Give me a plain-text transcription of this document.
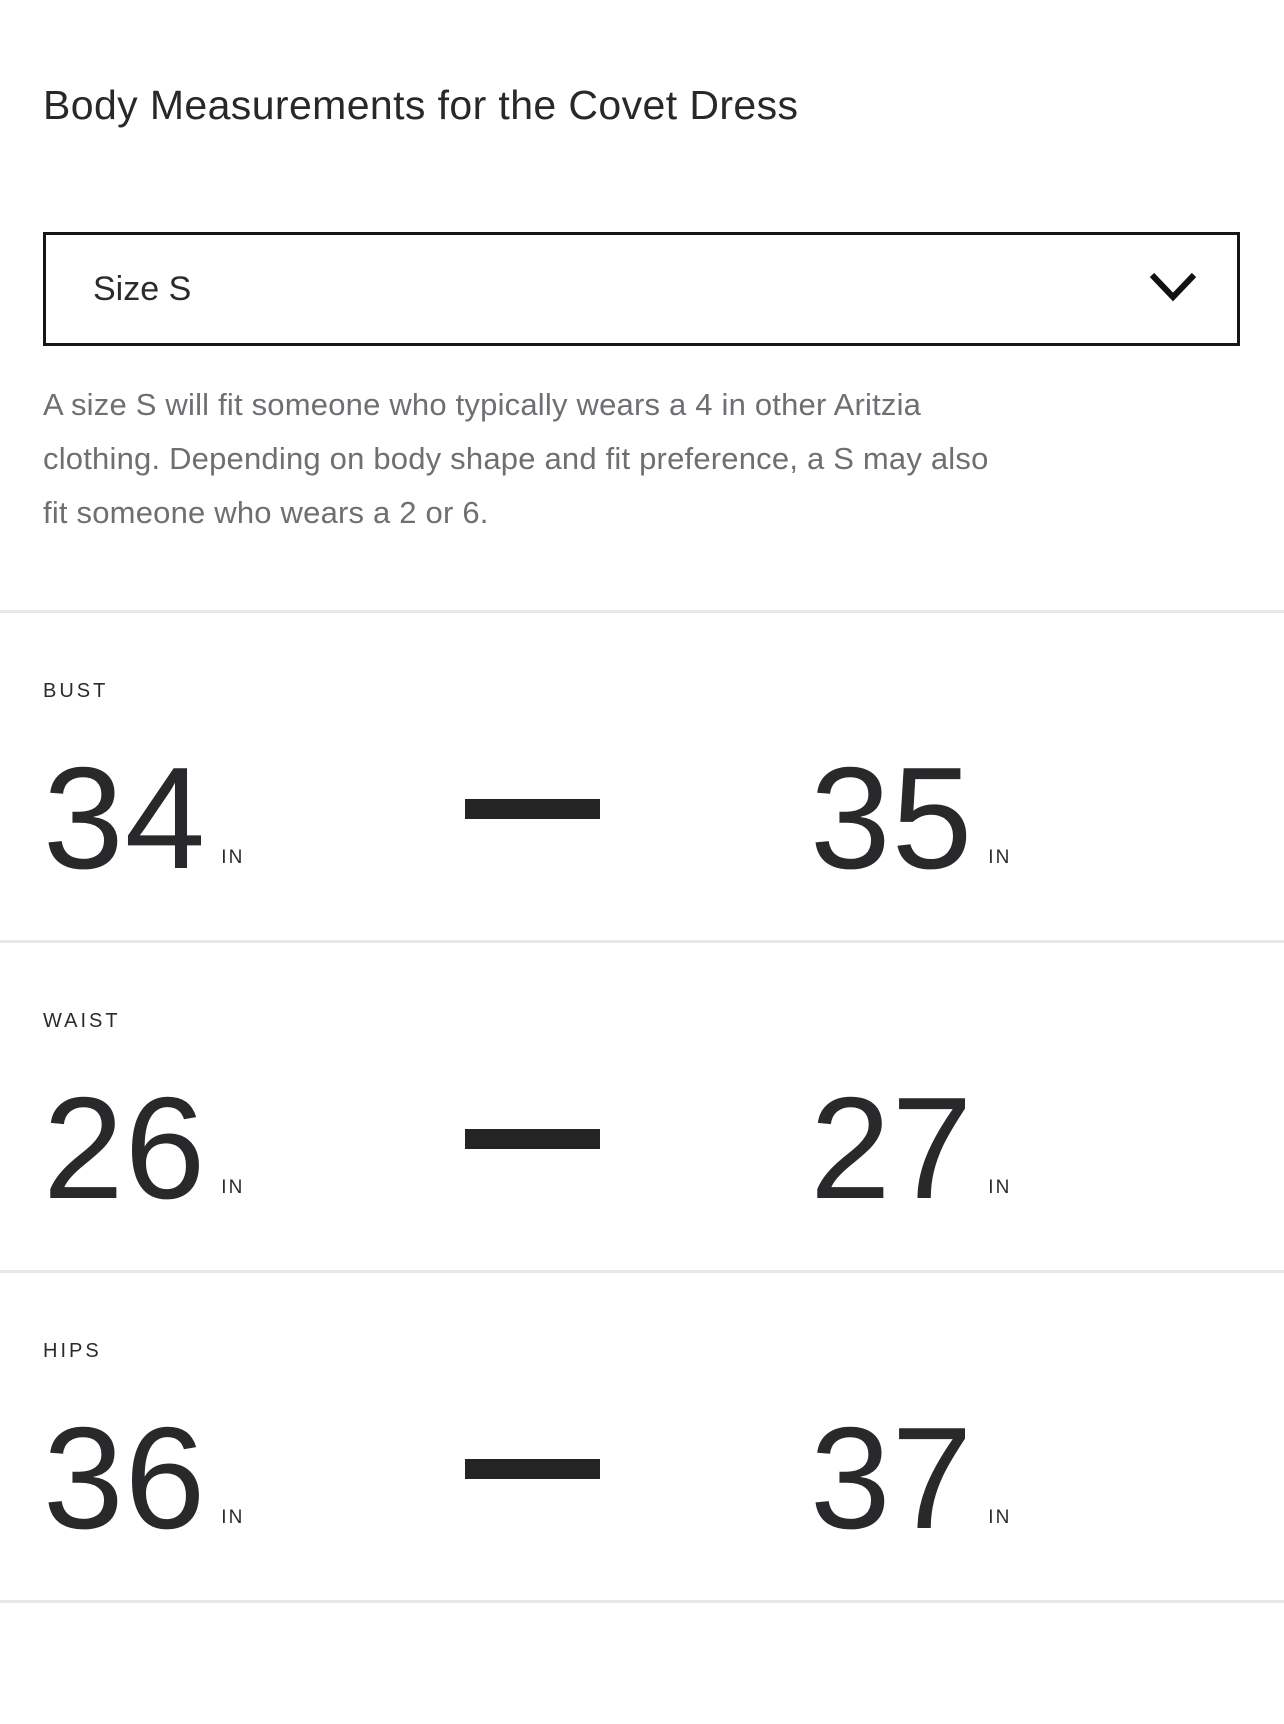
Body Measurements for the Covet Dress
Size S
A size S will fit someone who typically wears a 4 in other Aritzia
clothing. Depending on body shape and fit preference, a S may also
fit someone who wears a 2 or 6.
BUST
34 IN	35 IN
WAIST
26 IN	27 IN
HIPS
36 IN	37 IN
